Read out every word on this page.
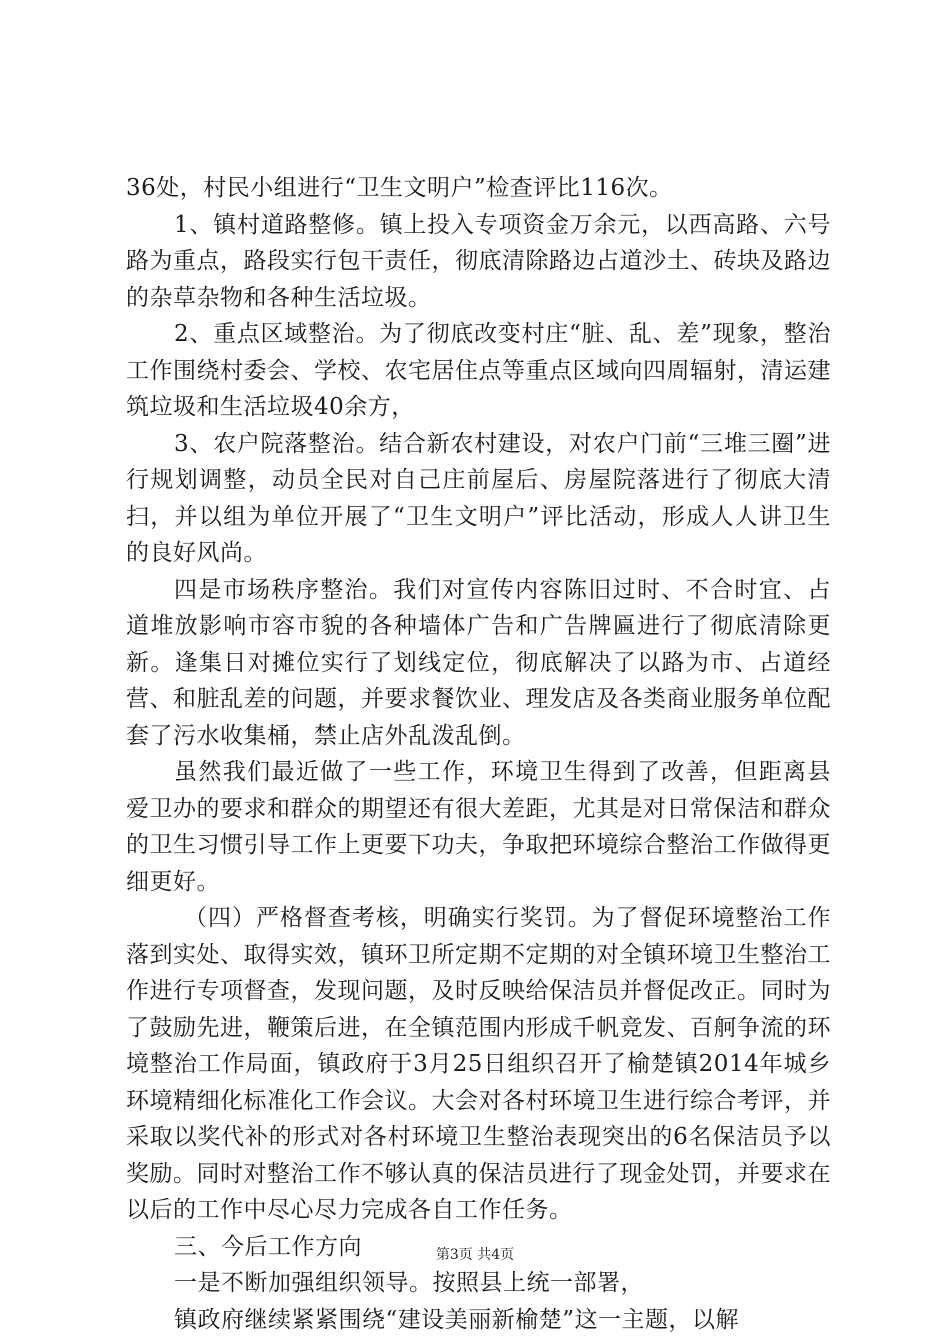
36处，村民小组进行“卫生文明户”检查评比116次。

1、镇村道路整修。镇上投入专项资金万余元，以西高路、六号路为重点，路段实行包干责任，彻底清除路边占道沙土、砖块及路边的杂草杂物和各种生活垃圾。

2、重点区域整治。为了彻底改变村庄“脏、乱、差”现象，整治工作围绕村委会、学校、农宅居住点等重点区域向四周辐射，清运建筑垃圾和生活垃圾40余方，

3、农户院落整治。结合新农村建设，对农户门前“三堆三圈”进行规划调整，动员全民对自己庄前屋后、房屋院落进行了彻底大清扫，并以组为单位开展了“卫生文明户”评比活动，形成人人讲卫生的良好风尚。

四是市场秩序整治。我们对宣传内容陈旧过时、不合时宜、占道堆放影响市容市貌的各种墙体广告和广告牌匾进行了彻底清除更新。逢集日对摊位实行了划线定位，彻底解决了以路为市、占道经营、和脏乱差的问题，并要求餐饮业、理发店及各类商业服务单位配套了污水收集桶，禁止店外乱泼乱倒。

虽然我们最近做了一些工作，环境卫生得到了改善，但距离县爱卫办的要求和群众的期望还有很大差距，尤其是对日常保洁和群众的卫生习惯引导工作上更要下功夫，争取把环境综合整治工作做得更细更好。

（四）严格督查考核，明确实行奖罚。为了督促环境整治工作落到实处、取得实效，镇环卫所定期不定期的对全镇环境卫生整治工作进行专项督查，发现问题，及时反映给保洁员并督促改正。同时为了鼓励先进，鞭策后进，在全镇范围内形成千帆竞发、百舸争流的环境整治工作局面，镇政府于3月25日组织召开了榆楚镇2014年城乡环境精细化标准化工作会议。大会对各村环境卫生进行综合考评，并采取以奖代补的形式对各村环境卫生整治表现突出的6名保洁员予以奖励。同时对整治工作不够认真的保洁员进行了现金处罚，并要求在以后的工作中尽心尽力完成各自工作任务。

三、今后工作方向

一是不断加强组织领导。按照县上统一部署，

镇政府继续紧紧围绕“建设美丽新榆楚”这一主题，以解

第3页 共4页
